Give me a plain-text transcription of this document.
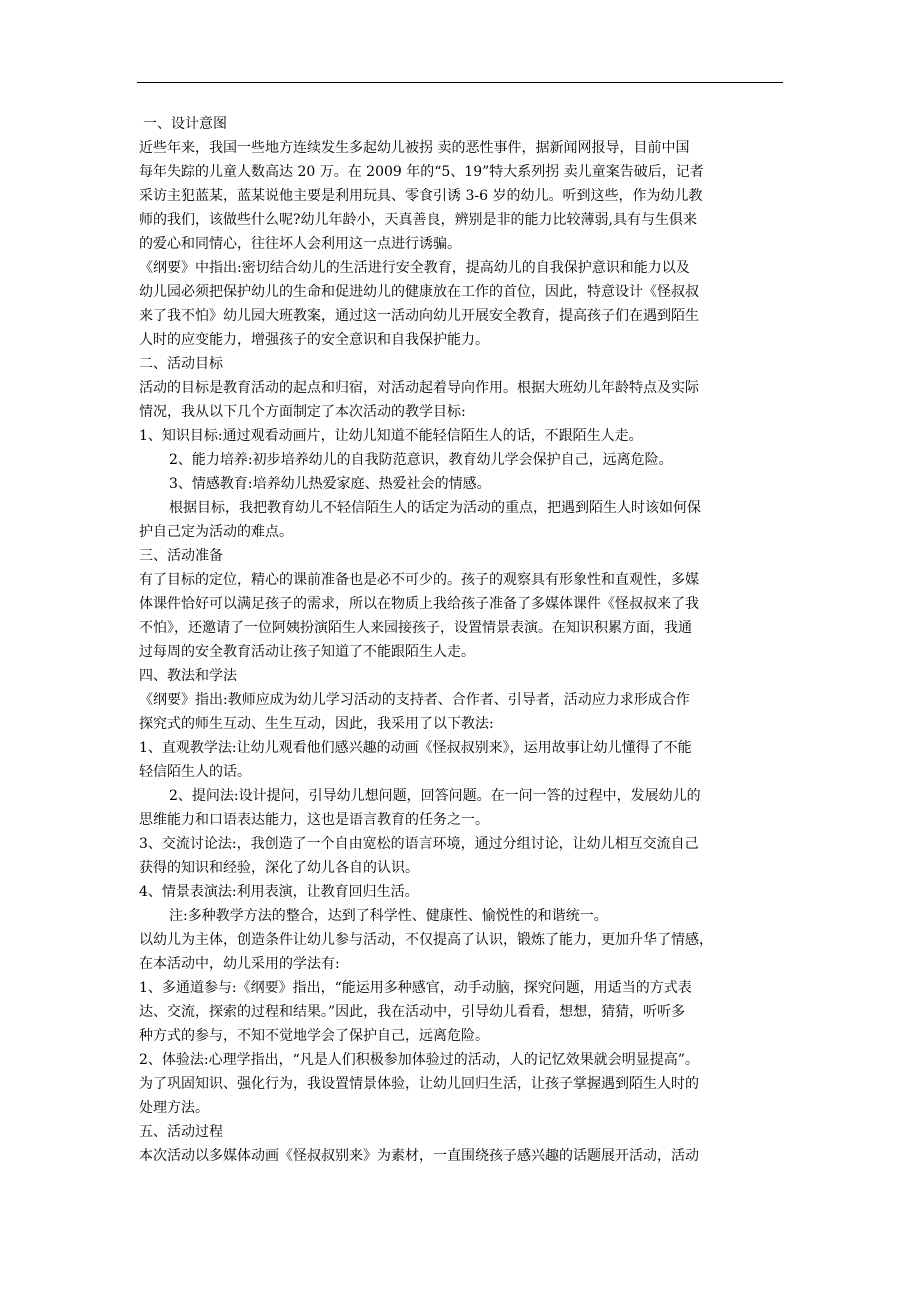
一、设计意图
近些年来，我国一些地方连续发生多起幼儿被拐 卖的恶性事件，据新闻网报导，目前中国
每年失踪的儿童人数高达 20 万。在 2009 年的“5、19”特大系列拐 卖儿童案告破后，记者
采访主犯蓝某，蓝某说他主要是利用玩具、零食引诱 3-6 岁的幼儿。听到这些，作为幼儿教
师的我们，该做些什么呢?幼儿年龄小，天真善良，辨别是非的能力比较薄弱,具有与生俱来
的爱心和同情心，往往坏人会利用这一点进行诱骗。
《纲要》中指出:密切结合幼儿的生活进行安全教育，提高幼儿的自我保护意识和能力以及
幼儿园必须把保护幼儿的生命和促进幼儿的健康放在工作的首位，因此，特意设计《怪叔叔
来了我不怕》幼儿园大班教案，通过这一活动向幼儿开展安全教育，提高孩子们在遇到陌生
人时的应变能力，增强孩子的安全意识和自我保护能力。
二、活动目标
活动的目标是教育活动的起点和归宿，对活动起着导向作用。根据大班幼儿年龄特点及实际
情况，我从以下几个方面制定了本次活动的教学目标:
1、知识目标:通过观看动画片，让幼儿知道不能轻信陌生人的话，不跟陌生人走。
2、能力培养:初步培养幼儿的自我防范意识，教育幼儿学会保护自己，远离危险。
3、情感教育:培养幼儿热爱家庭、热爱社会的情感。
根据目标，我把教育幼儿不轻信陌生人的话定为活动的重点，把遇到陌生人时该如何保
护自己定为活动的难点。
三、活动准备
有了目标的定位，精心的课前准备也是必不可少的。孩子的观察具有形象性和直观性，多媒
体课件恰好可以满足孩子的需求，所以在物质上我给孩子准备了多媒体课件《怪叔叔来了我
不怕》，还邀请了一位阿姨扮演陌生人来园接孩子，设置情景表演。在知识积累方面，我通
过每周的安全教育活动让孩子知道了不能跟陌生人走。
四、教法和学法
《纲要》指出:教师应成为幼儿学习活动的支持者、合作者、引导者，活动应力求形成合作
探究式的师生互动、生生互动，因此，我采用了以下教法:
1、直观教学法:让幼儿观看他们感兴趣的动画《怪叔叔别来》，运用故事让幼儿懂得了不能
轻信陌生人的话。
2、提问法:设计提问，引导幼儿想问题，回答问题。在一问一答的过程中，发展幼儿的
思维能力和口语表达能力，这也是语言教育的任务之一。
3、交流讨论法:，我创造了一个自由宽松的语言环境，通过分组讨论，让幼儿相互交流自己
获得的知识和经验，深化了幼儿各自的认识。
4、情景表演法:利用表演，让教育回归生活。
注:多种教学方法的整合，达到了科学性、健康性、愉悦性的和谐统一。
以幼儿为主体，创造条件让幼儿参与活动，不仅提高了认识，锻炼了能力，更加升华了情感，
在本活动中，幼儿采用的学法有:
1、多通道参与:《纲要》指出，“能运用多种感官，动手动脑，探究问题，用适当的方式表
达、交流，探索的过程和结果。”因此，我在活动中，引导幼儿看看，想想，猜猜，听听多
种方式的参与，不知不觉地学会了保护自己，远离危险。
2、体验法:心理学指出，“凡是人们积极参加体验过的活动，人的记忆效果就会明显提高”。
为了巩固知识、强化行为，我设置情景体验，让幼儿回归生活，让孩子掌握遇到陌生人时的
处理方法。
五、活动过程
本次活动以多媒体动画《怪叔叔别来》为素材，一直围绕孩子感兴趣的话题展开活动，活动
